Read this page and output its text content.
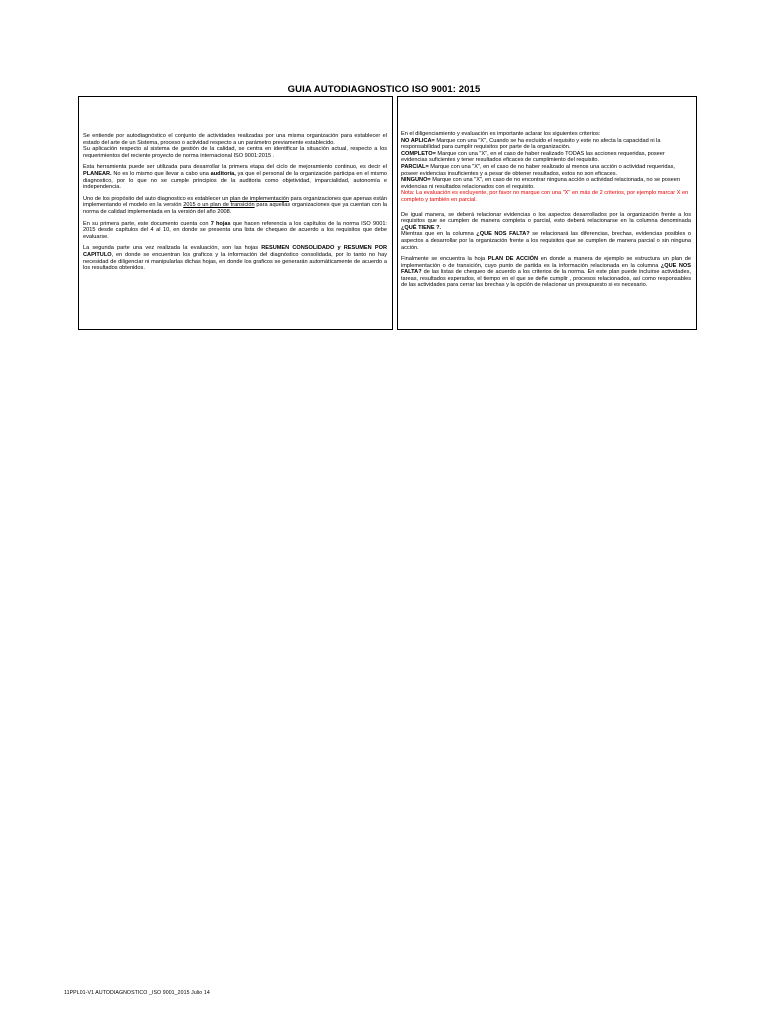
GUIA AUTODIAGNOSTICO ISO 9001: 2015

Se entiende por autodiagnóstico el conjunto de actividades realizadas por una misma organización para establecer el estado del arte de un Sistema, proceso o actividad respecto a un parámetro previamente establecido.
Su aplicación respecto al sistema de gestión de la calidad, se centra en identificar la situación actual, respecto a los requerimientos del reciente proyecto de norma internacional ISO 9001:2015 .

Esta herramienta puede ser utilizada para desarrollar la primera etapa del ciclo de mejoramiento continuo, es decir el PLANEAR. No es lo mismo que llevar a cabo una auditoría, ya que el personal de la organización participa en el mismo diagnostico, por lo que no se cumple principios de la auditoria como objetividad, imparcialidad, autonomía e independencia.

Uno de los propósito del auto diagnostico es establecer un plan de implementación para organizaciones que apenas están implementando el modelo en la versión 2015 o un plan de transición para aquellas organizaciones que ya cuentan con la norma de calidad implementada en la versión del año 2008.

En su primera parte, este documento cuenta con 7 hojas que hacen referencia a los capítulos de la norma ISO 9001: 2015 desde capítulos del 4 al 10, en donde se presenta una lista de chequeo de acuerdo a los requisitos que debe evaluarse.

La segunda parte una vez realizada la evaluación, son las hojas RESUMEN CONSOLIDADO y RESUMEN POR CAPITULO, en donde se encuentran los graficos y la información del diagnóstico consolidada, por lo tanto no hay necesidad de diligenciar ni manipularlas dichas hojas, en donde los graficos se generarán automáticamente de acuerdo a los resultados obtenidos.

En el diligenciamiento y evaluación es importante aclarar los siguientes criterios:
NO APLICA= Marque con una "X", Cuando se ha excluido el requisito y este no afecta la capacidad ni la responsabilidad para cumplir requisitos por parte de la organización.
COMPLETO= Marque con una "X", en el caso de haber realizado TODAS las acciones requeridas, poseer evidencias suficientes y tener resultados eficaces de cumplimiento del requisito.
PARCIAL= Marque con una "X", en el caso de no haber realizado al menos una acción o actividad requeridas, poseer evidencias insuficientes y a pesar de obtener resultados, estos no son eficaces.
NINGUNO= Marque con una "X", en caso de no encontrar ninguna acción o actividad relacionada, no se poseen evidencias ni resultados relacionados con el requisito.
Nota: La evaluación es excluyente, por favor no marque con una "X" en más de 2 criterios, por ejemplo marcar X en completo y también en parcial.

De igual manera, se deberá relacionar evidencias o los aspectos desarrollados por la organización frente a los requisitos que se cumplen de manera completa o parcial, esto deberá relacionarse en la columna denominada ¿QUÉ TIENE ?.
Mientras que en la columna ¿QUE NOS FALTA? se relacionará las diferencias, brechas, evidencias posibles o aspectos a desarrollar por la organización frente a los requisitos que se cumplen de manera parcial o sin ninguna acción.

Finalmente se encuentra la hoja PLAN DE ACCIÓN en donde a manera de ejemplo se estructura un plan de implementación o de transición, cuyo punto de partida es la información relacionada en la columna ¿QUE NOS FALTA? de las listas de chequeo de acuerdo a los criterios de la norma. En este plan puede incluirse actividades, tareas, resultados esperados, el tiempo en el que se deñe cumplir , procesos relacionados, así como responsables de las actividades para cerrar las brechas y la opción de relacionar un presupuesto si es necesario.

11PPL01-V1 AUTODIAGNOSTICO _ISO 9001_2015 Julio 14
